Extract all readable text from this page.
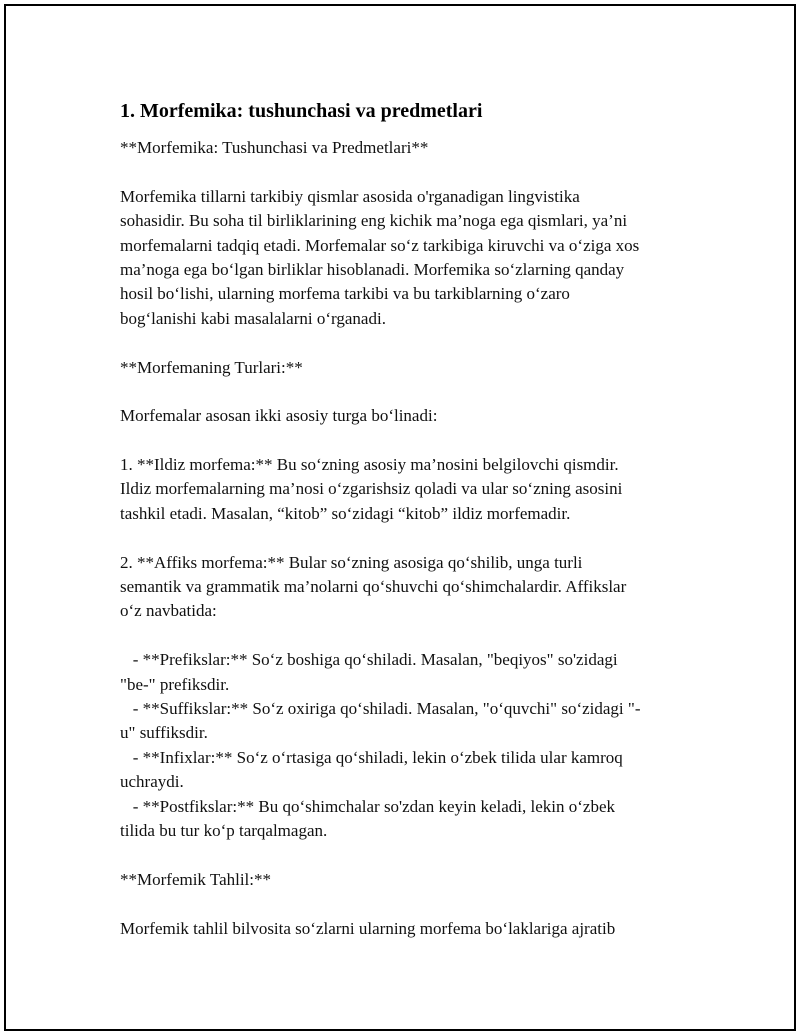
1. Morfemika: tushunchasi va predmetlari
**Morfemika: Tushunchasi va Predmetlari**
Morfemika tillarni tarkibiy qismlar asosida o'rganadigan lingvistika
sohasidir. Bu soha til birliklarining eng kichik ma’noga ega qismlari, ya’ni
morfemalarni tadqiq etadi. Morfemalar so‘z tarkibiga kiruvchi va o‘ziga xos
ma’noga ega bo‘lgan birliklar hisoblanadi. Morfemika so‘zlarning qanday
hosil bo‘lishi, ularning morfema tarkibi va bu tarkiblarning o‘zaro
bog‘lanishi kabi masalalarni o‘rganadi.
**Morfemaning Turlari:**
Morfemalar asosan ikki asosiy turga bo‘linadi:
1. **Ildiz morfema:** Bu so‘zning asosiy ma’nosini belgilovchi qismdir.
Ildiz morfemalarning ma’nosi o‘zgarishsiz qoladi va ular so‘zning asosini
tashkil etadi. Masalan, “kitob” so‘zidagi “kitob” ildiz morfemadir.
2. **Affiks morfema:** Bular so‘zning asosiga qo‘shilib, unga turli
semantik va grammatik ma’nolarni qo‘shuvchi qo‘shimchalardir. Affikslar
o‘z navbatida:
- **Prefikslar:** So‘z boshiga qo‘shiladi. Masalan, "beqiyos" so'zidagi
"be-" prefiksdir.
- **Suffikslar:** So‘z oxiriga qo‘shiladi. Masalan, "o‘quvchi" so‘zidagi "-
u" suffiksdir.
- **Infixlar:** So‘z o‘rtasiga qo‘shiladi, lekin o‘zbek tilida ular kamroq
uchraydi.
- **Postfikslar:** Bu qo‘shimchalar so'zdan keyin keladi, lekin o‘zbek
tilida bu tur ko‘p tarqalmagan.
**Morfemik Tahlil:**
Morfemik tahlil bilvosita so‘zlarni ularning morfema bo‘laklariga ajratib
